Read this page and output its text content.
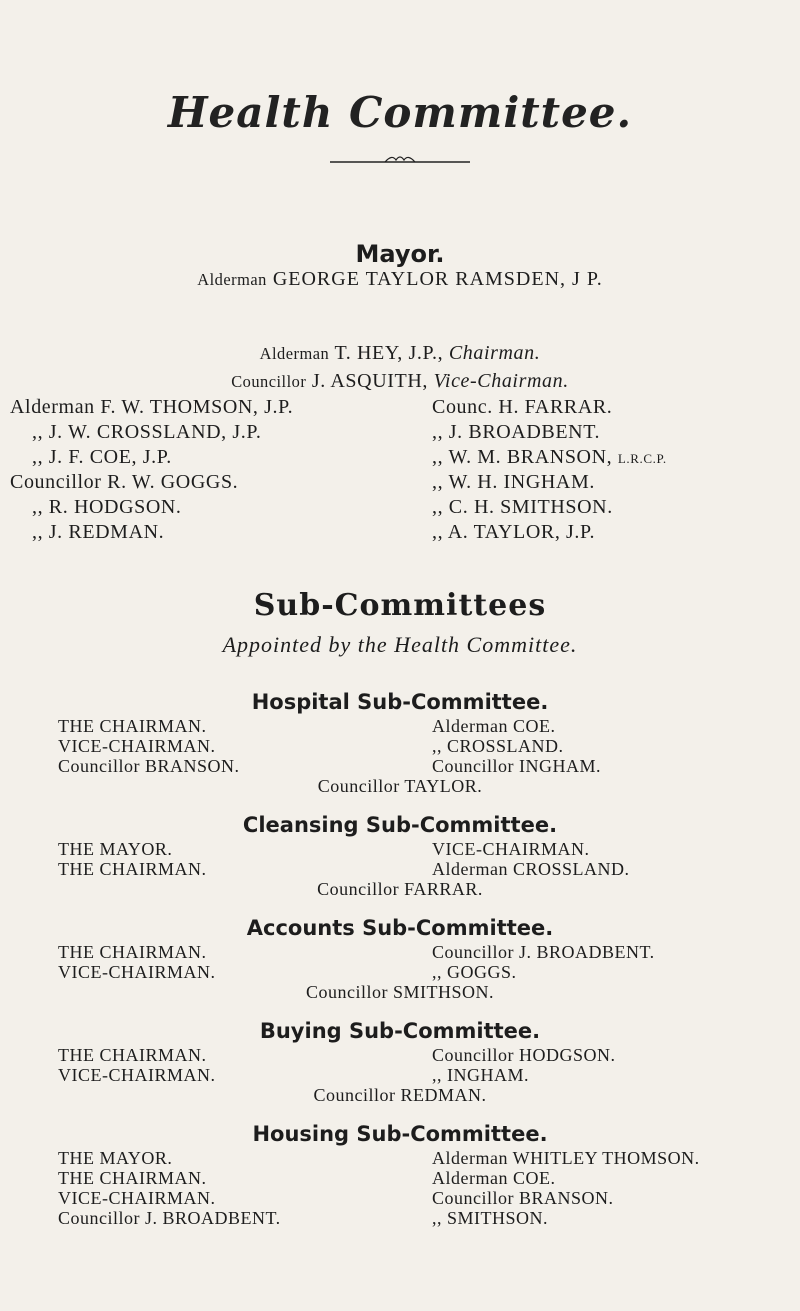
Health Committee.
Mayor.
Alderman GEORGE TAYLOR RAMSDEN, J P.
Alderman T. HEY, J.P., Chairman.
Councillor J. ASQUITH, Vice-Chairman.
Alderman F. W. THOMSON, J.P.
,, J. W. CROSSLAND, J.P.
,, J. F. COE, J.P.
Councillor R. W. GOGGS.
,, R. HODGSON.
,, J. REDMAN.
Counc. H. FARRAR.
,, J. BROADBENT.
,, W. M. BRANSON, L.R.C.P.
,, W. H. INGHAM.
,, C. H. SMITHSON.
,, A. TAYLOR, J.P.
Sub-Committees
Appointed by the Health Committee.
Hospital Sub-Committee.
THE CHAIRMAN.
VICE-CHAIRMAN.
Councillor BRANSON.
Alderman COE.
,, CROSSLAND.
Councillor INGHAM.
Councillor TAYLOR.
Cleansing Sub-Committee.
THE MAYOR.
THE CHAIRMAN.
VICE-CHAIRMAN.
Alderman CROSSLAND.
Councillor FARRAR.
Accounts Sub-Committee.
THE CHAIRMAN.
VICE-CHAIRMAN.
Councillor J. BROADBENT.
,, GOGGS.
Councillor SMITHSON.
Buying Sub-Committee.
THE CHAIRMAN.
VICE-CHAIRMAN.
Councillor HODGSON.
,, INGHAM.
Councillor REDMAN.
Housing Sub-Committee.
THE MAYOR.
THE CHAIRMAN.
VICE-CHAIRMAN.
Councillor J. BROADBENT.
Alderman WHITLEY THOMSON.
Alderman COE.
Councillor BRANSON.
,, SMITHSON.
